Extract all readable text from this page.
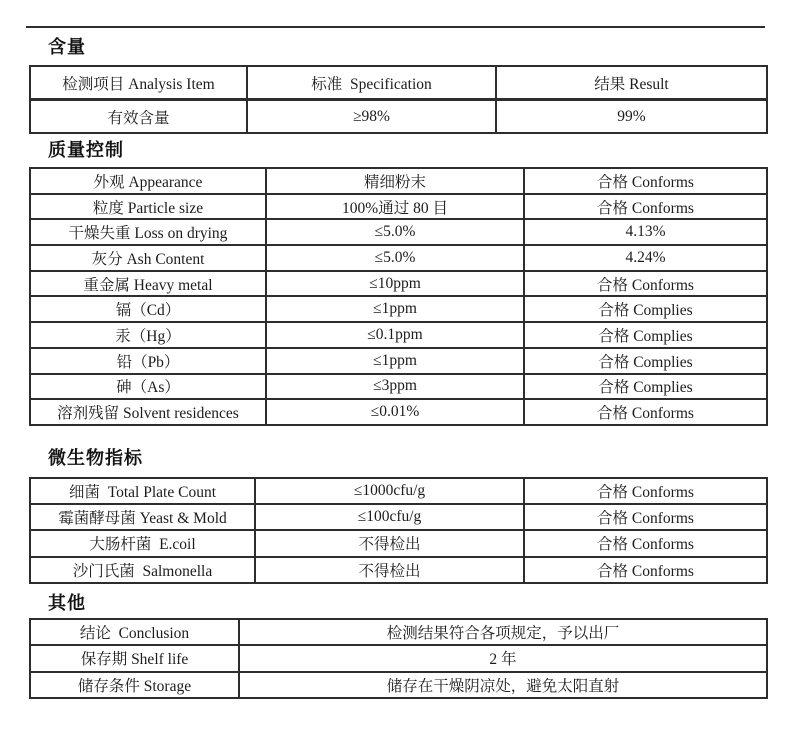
含量
检测项目 Analysis Item	标准  Specification	结果 Result
有效含量	≥98%	99%
质量控制
外观 Appearance	精细粉末	合格 Conforms
粒度 Particle size	100%通过 80 目	合格 Conforms
干燥失重 Loss on drying	≤5.0%	4.13%
灰分 Ash Content	≤5.0%	4.24%
重金属 Heavy metal	≤10ppm	合格 Conforms
镉（Cd）	≤1ppm	合格 Complies
汞（Hg）	≤0.1ppm	合格 Complies
铅（Pb）	≤1ppm	合格 Complies
砷（As）	≤3ppm	合格 Complies
溶剂残留 Solvent residences	≤0.01%	合格 Conforms
微生物指标
细菌  Total Plate Count	≤1000cfu/g	合格 Conforms
霉菌酵母菌 Yeast & Mold	≤100cfu/g	合格 Conforms
大肠杆菌  E.coil	不得检出	合格 Conforms
沙门氏菌  Salmonella	不得检出	合格 Conforms
其他
结论  Conclusion	检测结果符合各项规定，予以出厂
保存期 Shelf life	2 年
储存条件 Storage	储存在干燥阴凉处，避免太阳直射
